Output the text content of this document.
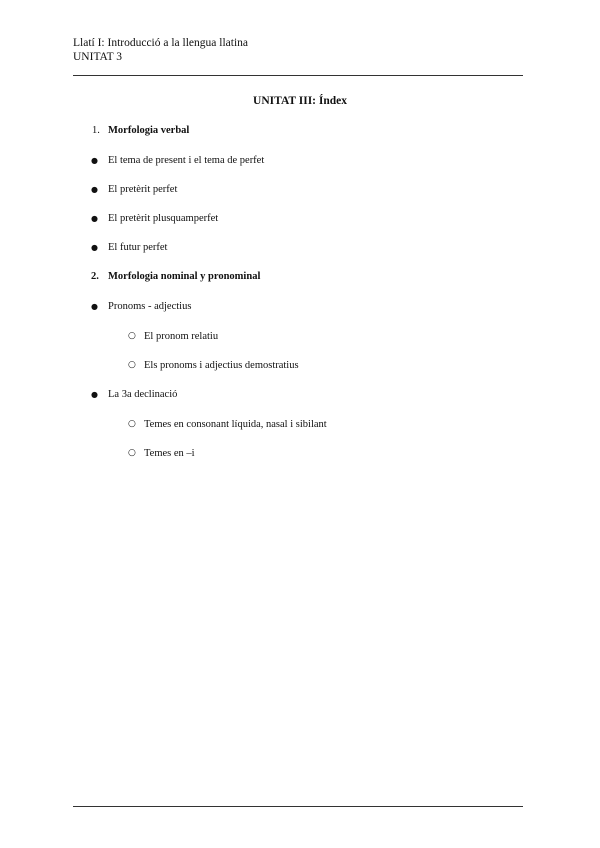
Llatí I: Introducció a la llengua llatina
UNITAT 3
UNITAT III: Índex
1. Morfologia verbal
● El tema de present i el tema de perfet
● El pretèrit perfet
● El pretèrit plusquamperfet
● El futur perfet
2. Morfologia nominal y pronominal
● Pronoms - adjectius
○ El pronom relatiu
○ Els pronoms i adjectius demostratius
● La 3a declinació
○ Temes en consonant líquida, nasal i sibilant
○ Temes en –i
